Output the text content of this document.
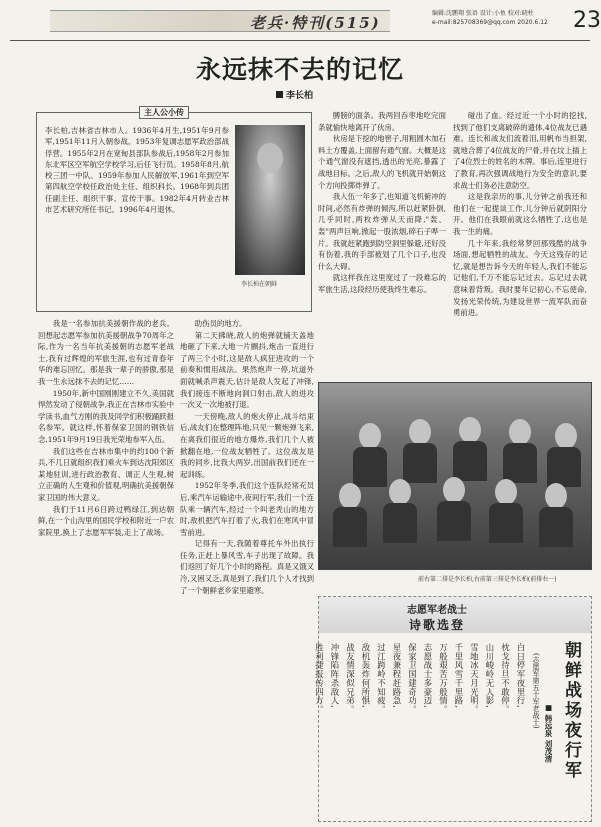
老兵·特刊(515)
编辑:沈鹏翔 张语 设计:小鱼 校对:晓柱
e-mail:825708369@qq.com 2020.6.12	23
永远抹不去的记忆
李长柏
主人公小传
李长柏,吉林省吉林市人。1936年4月生,1951年9月参军,1951年11月入朝参战。1953年复调志愿军政治部战俘营。1955年2月在宽甸县部队参战后,1958年2月参加东北军区空军航空学校学习,后任飞行员。1958年8月,航校三团一中队。1959年参加人民解放军,1961年到空军第四航空学校任政治处主任、组织科长。1968年到兵团任副主任、组织干事、宣传干事。1982年4月转业吉林市艺术研究所任书记。1996年4月退休。
李长柏在朝鲜

我是一名参加抗美援朝作战的老兵。回想起志愿军参加抗美援朝战争70周年之际,作为一名当年抗美援朝的志愿军老战士,我有过辉煌的军旅生涯,也有过青春年华的难忘回忆。那是我一辈子的骄傲,那是我一生永远抹不去的记忆……

1950年,新中国刚刚建立不久,美国就悍然发动了侵朝战争,我正在吉林市实验中学读书,血气方刚的我及同学们积极踊跃报名参军。就这样,怀着保家卫国的钢铁信念,1951年9月19日我光荣地参军入伍。

我们这些在吉林市集中的约100个新兵,不几日就组织我们乘火车到达沈阳郊区某地驻训,进行政治教育、调正人生观,树立正确的人生观和价值观,明确抗美援朝保家卫国的伟大意义。

我们于11月6日跨过鸭绿江,到达朝鲜,在一个山沟里的国民学校和附近一户农家院里,换上了志愿军军装,走上了战场。

助伤员的地方。

第二天拂晓,敌人的炮弹就铺天盖地地砸了下来,大地一片颤抖,炮击一直进行了两三个小时,这是敌人疯狂进攻的一个前奏和惯用战法。果然炮声一停,坑道外面就喊杀声震天,估计是敌人发起了冲锋,我们接连不断地向洞口射击,敌人的进攻一次又一次地被打退。

一天傍晚,敌人的炮火停止,战斗结束后,战友们在整理阵地,只见一颗炮弹飞来,在离我们很近的地方爆炸,我们几个人被掀翻在地,一位战友牺牲了。这位战友是我的同乡,比我大两岁,出国前我们还在一起训练。

1952年冬季,我们这个连队经常充员后,乘汽车运输途中,夜间行军,我们一个连队乘一辆汽车,经过一个叫老秃山的地方时,敌机把汽车打着了火,我们在寒风中冒雪前进。

记得有一天,我随着尊托车外出执行任务,正赶上暴风雪,车子出现了故障。我们返回了好几个小时的路程。真是又饿又冷,又困又乏,真是到了,我们几个人才找到了一个朝鲜老乡家里避寒。

膊膀的面条。我两回吞枣地吃完面条就愉快地离开了伙房。

伙房是下挖的地窖子,用粗圆木加石料土方覆盖,上面留有通气窗。大概是这个通气窗没有遮挡,透出的光亮,暴露了战地目标。之后,敌人的飞机就开始朝这个方向投掷炸弹了。

我入伍一年多了,也知道飞机俯冲的时间,必然有炸弹的倾泻,所以赶紧卧倒,几乎同时,两枚炸弹从天而降,"轰、轰"两声巨响,掀起一股浓烟,碎石子哗一片。我就赶紧跑到防空洞里躲避,还好没有伤着,我的手部被划了几个口子,也没什么大碍。

就这样我在这里度过了一段难忘的军旅生活,这段经历使我终生难忘。

碰出了血。经过近一个小时的挖找,找到了他们支离破碎的遗体,4位战友已遇难。连长和战友们流着泪,用帆布当担架,就地合葬了4位战友的尸骨,并在坟上插上了4位烈士的姓名的木牌。事后,连里进行了教育,再次强调战地行为安全的意识,要求战士们务必注意防空。

这是我亲历的事,儿分钟之前我还和他们在一起提谈工作,儿分钟后就阴阳分开。他们在我眼前就这么牺牲了,这也是我一生的痛。

几十年来,我经常梦回那残酷的战争场面,想起牺牲的战友。今天这残存的记忆,就是想告诉今天的年轻人,我们不能忘记他们,千万不能忘记过去。忘记过去就意味着背叛。我时要年记初心,不忘使命,发扬光荣传统,为建设世界一流军队而奋勇前进。

前右第二排是李长柏,右前第三排是李长柏(前排右一)
志愿军老战士
诗歌选登
朝鲜战场夜行军
■ 韩远泉 刘茂清
(志愿军第五十军老战士)

白日停军夜里行,

枕戈待旦不敢停。

山川峻岭无人影,

雪地冰天月光明。

千里风雪千里路,

万般艰苦万般情。

志愿战士多豪迈,

保家卫国建奇功。

星夜兼程赶路急,

过江跨岭不知疲。

敌机轰炸何所惧,

战友情深似兄弟。

冲锋陷阵杀敌人,

胜利捷报传四方。
